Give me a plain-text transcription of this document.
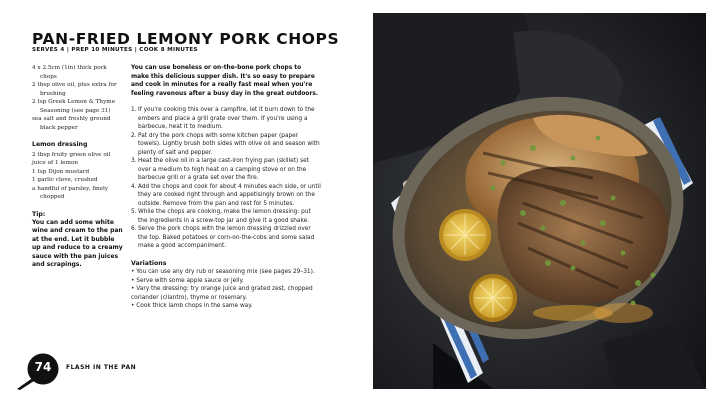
PAN-FRIED LEMONY PORK CHOPS
SERVES 4 | PREP 10 MINUTES | COOK 8 MINUTES
4 x 2.5cm (1in) thick pork
chops
2 tbsp olive oil, plus extra for
brushing
2 tsp Greek Lemon & Thyme
Seasoning (see page 31)
sea salt and freshly ground
black pepper
Lemon dressing
2 tbsp fruity green olive oil
juice of 1 lemon
1 tsp Dijon mustard
1 garlic clove, crushed
a handful of parsley, finely
chopped
Tip:
You can add some white wine and cream to the pan at the end. Let it bubble up and reduce to a creamy sauce with the pan juices and scrapings.

You can use boneless or on-the-bone pork chops to make this delicious supper dish. It's so easy to prepare and cook in minutes for a really fast meal when you're feeling ravenous after a busy day in the great outdoors.

1. If you're cooking this over a campfire, let it burn down to the embers and place a grill grate over them. If you're using a barbecue, heat it to medium.
2. Pat dry the pork chops with some kitchen paper (paper towels). Lightly brush both sides with olive oil and season with plenty of salt and pepper.
3. Heat the olive oil in a large cast-iron frying pan (skillet) set over a medium to high heat on a camping stove or on the barbecue grill or a grate set over the fire.
4. Add the chops and cook for about 4 minutes each side, or until they are cooked right through and appetisingly brown on the outside. Remove from the pan and rest for 5 minutes.
5. While the chops are cooking, make the lemon dressing: put the ingredients in a screw-top jar and give it a good shake.
6. Serve the pork chops with the lemon dressing drizzled over the top. Baked potatoes or corn-on-the-cobs and some salad make a good accompaniment.
Variations
• You can use any dry rub or seasoning mix (see pages 29–31).
• Serve with some apple sauce or jelly.
• Vary the dressing: try orange juice and grated zest, chopped coriander (cilantro), thyme or rosemary.
• Cook thick lamb chops in the same way.
74	FLASH IN THE PAN
